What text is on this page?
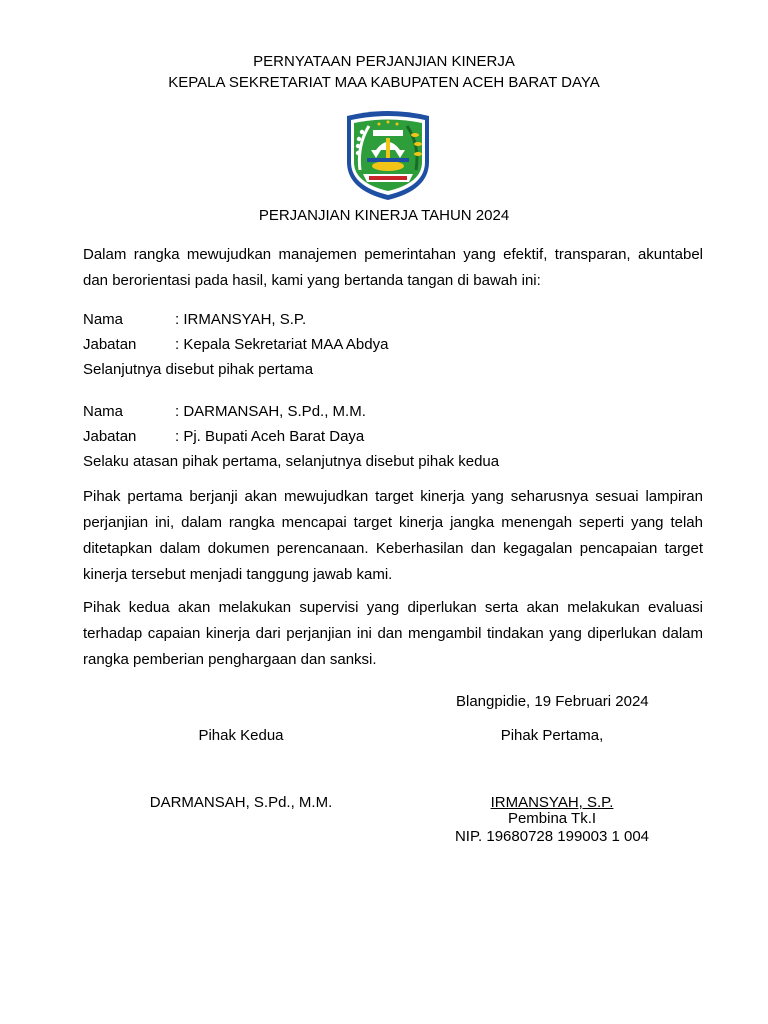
PERNYATAAN PERJANJIAN KINERJA
KEPALA SEKRETARIAT MAA KABUPATEN ACEH BARAT DAYA
PERJANJIAN KINERJA TAHUN 2024
Dalam rangka mewujudkan manajemen pemerintahan yang efektif, transparan, akuntabel dan berorientasi pada hasil, kami yang bertanda tangan di bawah ini:
Nama	: IRMANSYAH, S.P.
Jabatan	: Kepala Sekretariat MAA Abdya
Selanjutnya disebut pihak pertama
Nama	: DARMANSAH, S.Pd., M.M.
Jabatan	: Pj. Bupati Aceh Barat Daya
Selaku atasan pihak pertama, selanjutnya disebut pihak kedua
Pihak pertama berjanji akan mewujudkan target kinerja yang seharusnya sesuai lampiran perjanjian ini, dalam rangka mencapai target kinerja jangka menengah seperti yang telah ditetapkan dalam dokumen perencanaan. Keberhasilan dan kegagalan pencapaian target kinerja tersebut menjadi tanggung jawab kami.
Pihak kedua akan melakukan supervisi yang diperlukan serta akan melakukan evaluasi terhadap capaian kinerja dari perjanjian ini dan mengambil tindakan yang diperlukan dalam rangka pemberian penghargaan dan sanksi.
Blangpidie, 19 Februari 2024
Pihak Kedua	Pihak Pertama,
DARMANSAH, S.Pd., M.M.	IRMANSYAH, S.P.
Pembina Tk.I
NIP. 19680728 199003 1 004
